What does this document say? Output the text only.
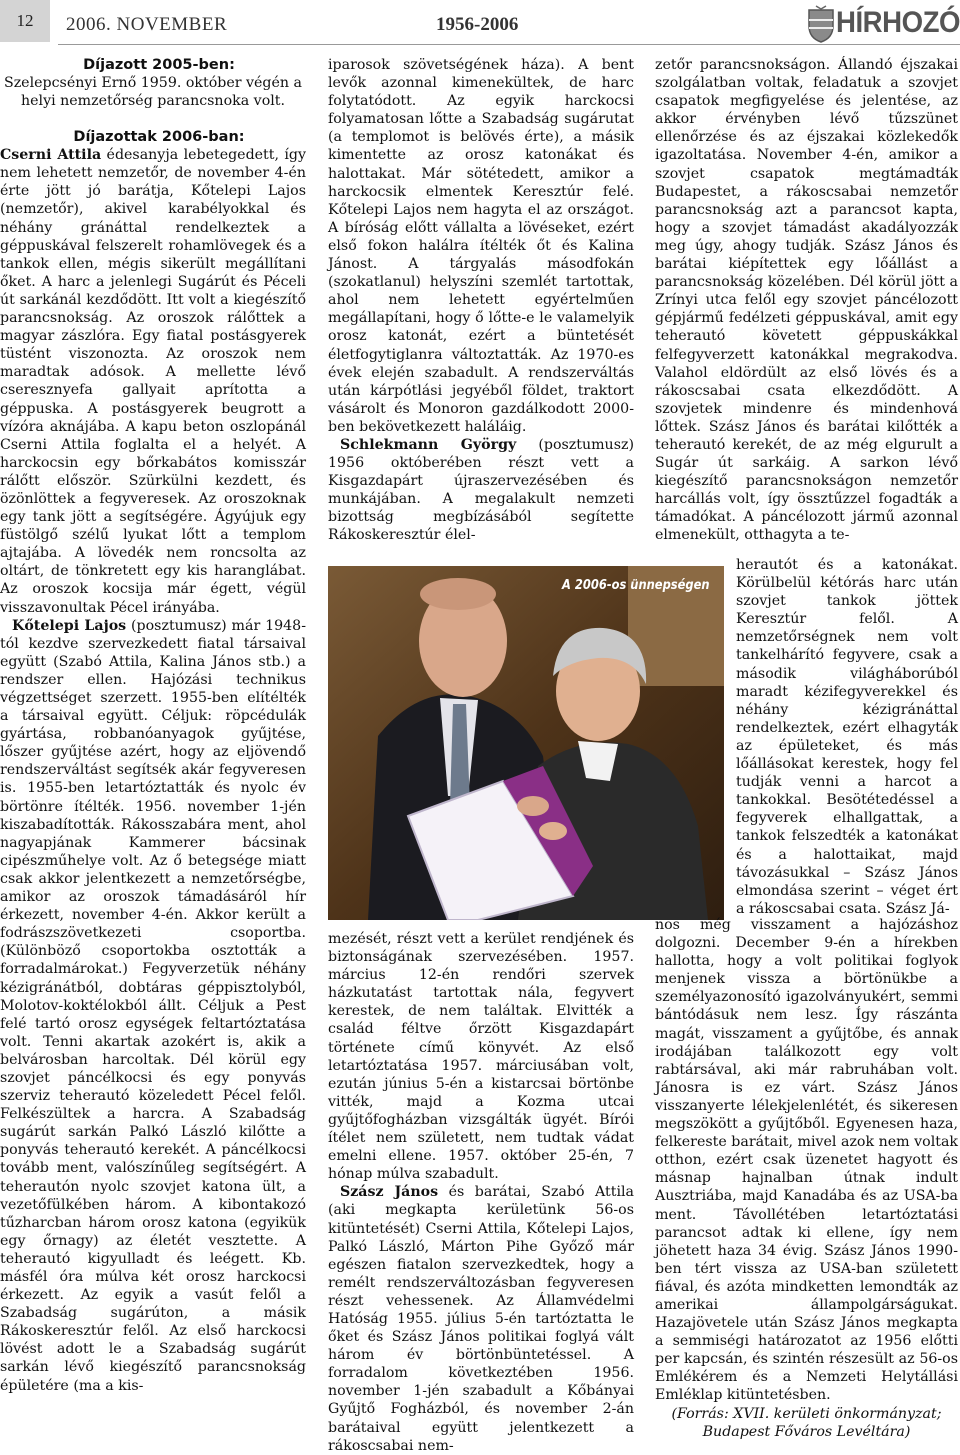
12	2006. NOVEMBER	1956-2006	HÍRHOZÓ

Díjazott 2005-ben:

Szelepcsényi Ernő 1959. október végén a helyi nemzetőrség parancsnoka volt.

Díjazottak 2006-ban:

Cserni Attila édesanyja lebetegedett, így nem lehetett nemzetőr, de november 4-én érte jött jó barátja, Kőtelepi Lajos (nemzetőr), akivel karabélyokkal és néhány gránáttal rendelkeztek a géppuskával felszerelt rohamlövegek és a tankok ellen, mégis sikerült megállítani őket. A harc a jelenlegi Sugárút és Péceli út sarkánál kezdődött. Itt volt a kiegészítő parancsnokság. Az oroszok rálőttek a magyar zászlóra. Egy fiatal postásgyerek tüstént viszonozta. Az oroszok nem maradtak adósok. A mellette lévő cseresznyefa gallyait aprította a géppuska. A postásgyerek beugrott a vízóra aknájába. A kapu beton oszlopánál Cserni Attila foglalta el a helyét. A harckocsin egy bőrkabátos komisszár rálőtt először. Szürkülni kezdett, és özönlöttek a fegyveresek. Az oroszoknak egy tank jött a segítségére. Ágyújuk egy füstölgő szélű lyukat lőtt a templom ajtajába. A lövedék nem roncsolta az oltárt, de tönkretett egy kis haranglábat. Az oroszok kocsija már égett, végül visszavonultak Pécel irányába.

Kőtelepi Lajos (posztumusz) már 1948-tól kezdve szervezkedett fiatal társaival együtt (Szabó Attila, Kalina János stb.) a rendszer ellen. Hajózási technikus végzettséget szerzett. 1955-ben elítélték a társaival együtt. Céljuk: röpcédulák gyártása, robbanóanyagok gyűjtése, lőszer gyűjtése azért, hogy az eljövendő rendszerváltást segítsék akár fegyveresen is. 1955-ben letartóztatták és nyolc év börtönre ítélték. 1956. november 1-jén kiszabadították. Rákosszabára ment, ahol nagyapjának Kammerer bácsinak cipészműhelye volt. Az ő betegsége miatt csak akkor jelentkezett a nemzetőrségbe, amikor az oroszok támadásáról hír érkezett, november 4-én. Akkor került a fodrászszövetkezeti csoportba. (Különböző csoportokba osztották a forradalmárokat.) Fegyverzetük néhány kézigránátból, dobtáras géppisztolyból, Molotov-koktélokból állt. Céljuk a Pest felé tartó orosz egységek feltartóztatása volt. Tenni akartak azokért is, akik a belvárosban harcoltak. Dél körül egy szovjet páncélkocsi és egy ponyvás szerviz teherautó közeledett Pécel felől. Felkészültek a harcra. A Szabadság sugárút sarkán Palkó László kilőtte a ponyvás teherautó kerekét. A páncélkocsi tovább ment, valószínűleg segítségért. A teherautón nyolc szovjet katona ült, a vezetőfülkében három. A kibontakozó tűzharcban három orosz katona (egyikük egy őrnagy) az életét vesztette. A teherautó kigyulladt és leégett. Kb. másfél óra múlva két orosz harckocsi érkezett. Az egyik a vasút felől a Szabadság sugárúton, a másik Rákoskeresztúr felől. Az első harckocsi lövést adott le a Szabadság sugárút sarkán lévő kiegészítő parancsnokság épületére (ma a kis-

iparosok szövetségének háza). A bent levők azonnal kimenekültek, de harc folytatódott. Az egyik harckocsi folyamatosan lőtte a Szabadság sugárutat (a templomot is belövés érte), a másik kimentette az orosz katonákat és halottakat. Már sötétedett, amikor a harckocsik elmentek Keresztúr felé. Kőtelepi Lajos nem hagyta el az országot. A bíróság előtt vállalta a lövéseket, ezért első fokon halálra ítélték őt és Kalina Jánost. A tárgyalás másodfokán (szokatlanul) helyszíni szemlét tartottak, ahol nem lehetett egyértelműen megállapítani, hogy ő lőtte-e le valamelyik orosz katonát, ezért a büntetését életfogytiglanra változtatták. Az 1970-es évek elején szabadult. A rendszerváltás után kárpótlási jegyéből földet, traktort vásárolt és Monoron gazdálkodott 2000-ben bekövetkezett haláláig.

Schlekmann György (posztumusz) 1956 októberében részt vett a Kisgazdapárt újraszervezésében és munkájában. A megalakult nemzeti bizottság megbízásából segítette Rákoskeresztúr élel-

A 2006-os ünnepségen

mezését, részt vett a kerület rendjének és biztonságának szervezésében. 1957. március 12-én rendőri szervek házkutatást tartottak nála, fegyvert kerestek, de nem találtak. Elvitték a család féltve őrzött Kisgazdapárt története című könyvét. Az első letartóztatása 1957. márciusában volt, ezután június 5-én a kistarcsai börtönbe vitték, majd a Kozma utcai gyűjtőfogházban vizsgálták ügyét. Bírói ítélet nem született, nem tudtak vádat emelni ellene. 1957. október 25-én, 7 hónap múlva szabadult.

Szász János és barátai, Szabó Attila (aki megkapta kerületünk 56-os kitüntetését) Cserni Attila, Kőtelepi Lajos, Palkó László, Márton Pihe Győző már egészen fiatalon szervezkedtek, hogy a remélt rendszerváltozásban fegyveresen részt vehessenek. Az Államvédelmi Hatóság 1955. július 5-én tartóztatta le őket és Szász János politikai foglyá vált három év börtönbüntetéssel. A forradalom következtében 1956. november 1-jén szabadult a Kőbányai Gyűjtő Fogházból, és november 2-án barátaival együtt jelentkezett a rákoscsabai nem-

zetőr parancsnokságon. Állandó éjszakai szolgálatban voltak, feladatuk a szovjet csapatok megfigyelése és jelentése, az akkor érvényben lévő tűzszünet ellenőrzése és az éjszakai közlekedők igazoltatása. November 4-én, amikor a szovjet csapatok megtámadták Budapestet, a rákoscsabai nemzetőr parancsnokság azt a parancsot kapta, hogy a szovjet támadást akadályozzák meg úgy, ahogy tudják. Szász János és barátai kiépítettek egy lőállást a parancsnokság közelében. Dél körül jött a Zrínyi utca felől egy szovjet páncélozott gépjármű fedélzeti géppuskával, amit egy teherautó követett géppuskákkal felfegyverzett katonákkal megrakodva. Valahol eldördült az első lövés és a rákoscsabai csata elkezdődött. A szovjetek mindenre és mindenhová lőttek. Szász János és barátai kilőtték a teherautó kerekét, de az még elgurult a Sugár út sarkáig. A sarkon lévő kiegészítő parancsnokságon nemzetőr harcállás volt, így össztűzzel fogadták a támadókat. A páncélozott jármű azonnal elmenekült, otthagyta a te-

herautót és a katonákat. Körülbelül kétórás harc után szovjet tankok jöttek Keresztúr felől. A nemzetőrségnek nem volt tankelhárító fegyvere, csak a második világháborúból maradt kézifegyverekkel és néhány kézigránáttal rendelkeztek, ezért elhagyták az épületeket, és más lőállásokat kerestek, hogy fel tudják venni a harcot a tankokkal. Besötétedéssel a fegyverek elhallgattak, a tankok felszedték a katonákat és a halottaikat, majd távozásukkal – Szász János elmondása szerint – véget ért a rákoscsabai csata. Szász Já-

nos még visszament a hajózáshoz dolgozni. December 9-én a hírekben hallotta, hogy a volt politikai foglyok menjenek vissza a börtönükbe a személyazonosító igazolványukért, semmi bántódásuk nem lesz. Így rászánta magát, visszament a gyűjtőbe, és annak irodájában találkozott egy volt rabtársával, aki már rabruhában volt. Jánosra is ez várt. Szász János visszanyerte lélekjelenlétét, és sikeresen megszökött a gyűjtőből. Egyenesen haza, felkereste barátait, mivel azok nem voltak otthon, ezért csak üzenetet hagyott és másnap hajnalban útnak indult Ausztriába, majd Kanadába és az USA-ba ment. Távollétében letartóztatási parancsot adtak ki ellene, így nem jöhetett haza 34 évig. Szász János 1990-ben tért vissza az USA-ban született fiával, és azóta mindketten lemondták az amerikai állampolgárságukat. Hazajövetele után Szász János megkapta a semmiségi határozatot az 1956 előtti per kapcsán, és szintén részesült az 56-os Emlékérem és a Nemzeti Helytállási Emléklap kitüntetésben.

(Forrás: XVII. kerületi önkormányzat; Budapest Főváros Levéltára)
